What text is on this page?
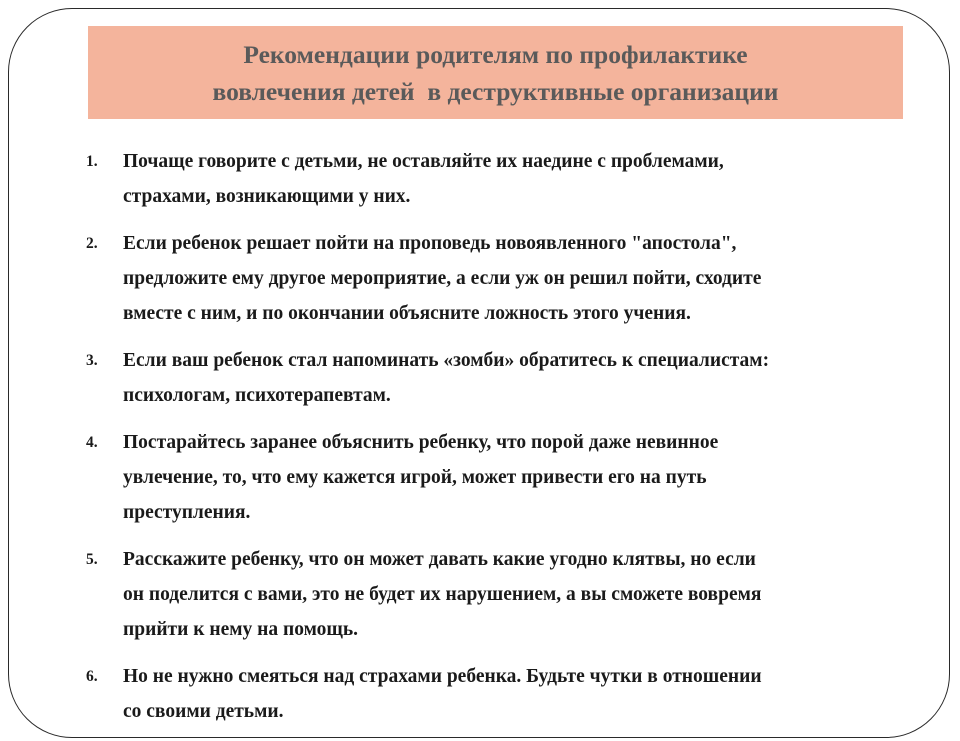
Рекомендации родителям по профилактике
вовлечения детей  в деструктивные организации
1. Почаще говорите с детьми, не оставляйте их наедине с проблемами,
страхами, возникающими у них.
2. Если ребенок решает пойти на проповедь новоявленного "апостола",
предложите ему другое мероприятие, а если уж он решил пойти, сходите
вместе с ним, и по окончании объясните ложность этого учения.
3. Если ваш ребенок стал напоминать «зомби» обратитесь к специалистам:
психологам, психотерапевтам.
4. Постарайтесь заранее объяснить ребенку, что порой даже невинное
увлечение, то, что ему кажется игрой, может привести его на путь
преступления.
5. Расскажите ребенку, что он может давать какие угодно клятвы, но если
он поделится с вами, это не будет их нарушением, а вы сможете вовремя
прийти к нему на помощь.
6. Но не нужно смеяться над страхами ребенка. Будьте чутки в отношении
со своими детьми.
